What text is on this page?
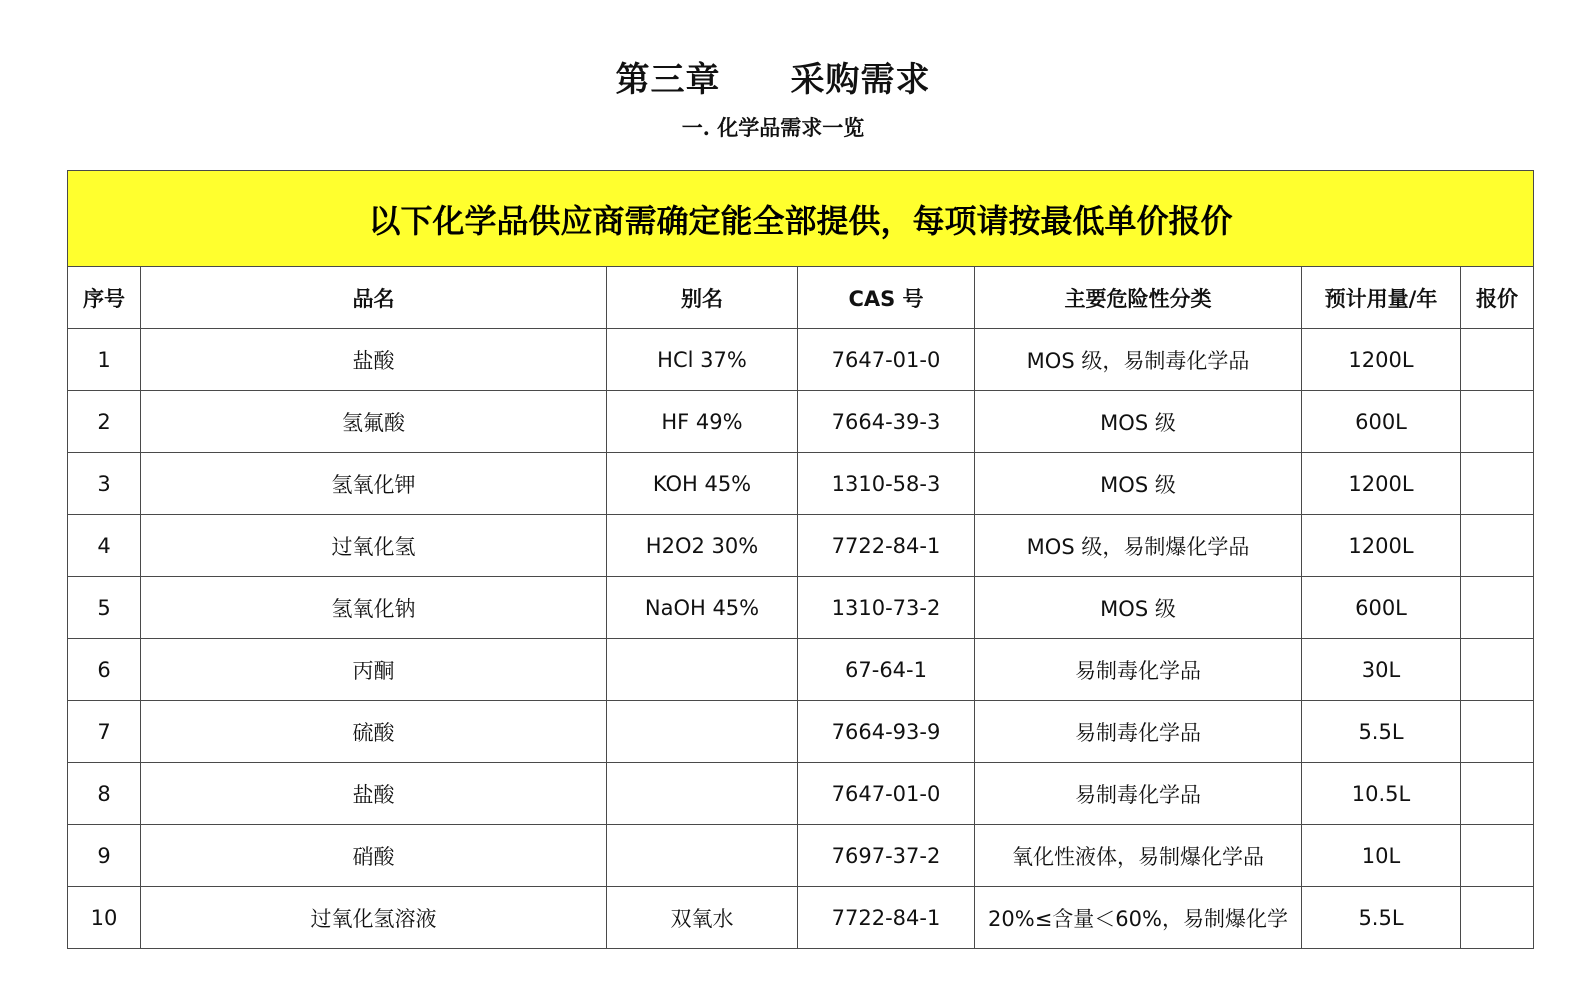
第三章　　采购需求
一. 化学品需求一览
以下化学品供应商需确定能全部提供，每项请按最低单价报价						
序号	品名	别名	CAS 号	主要危险性分类	预计用量/年	报价
1	盐酸	HCl 37%	7647-01-0	MOS 级，易制毒化学品	1200L	
2	氢氟酸	HF 49%	7664-39-3	MOS 级	600L	
3	氢氧化钾	KOH 45%	1310-58-3	MOS 级	1200L	
4	过氧化氢	H2O2 30%	7722-84-1	MOS 级，易制爆化学品	1200L	
5	氢氧化钠	NaOH 45%	1310-73-2	MOS 级	600L	
6	丙酮		67-64-1	易制毒化学品	30L	
7	硫酸		7664-93-9	易制毒化学品	5.5L	
8	盐酸		7647-01-0	易制毒化学品	10.5L	
9	硝酸		7697-37-2	氧化性液体，易制爆化学品	10L	
10	过氧化氢溶液	双氧水	7722-84-1	20%≤含量＜60%，易制爆化学	5.5L	
